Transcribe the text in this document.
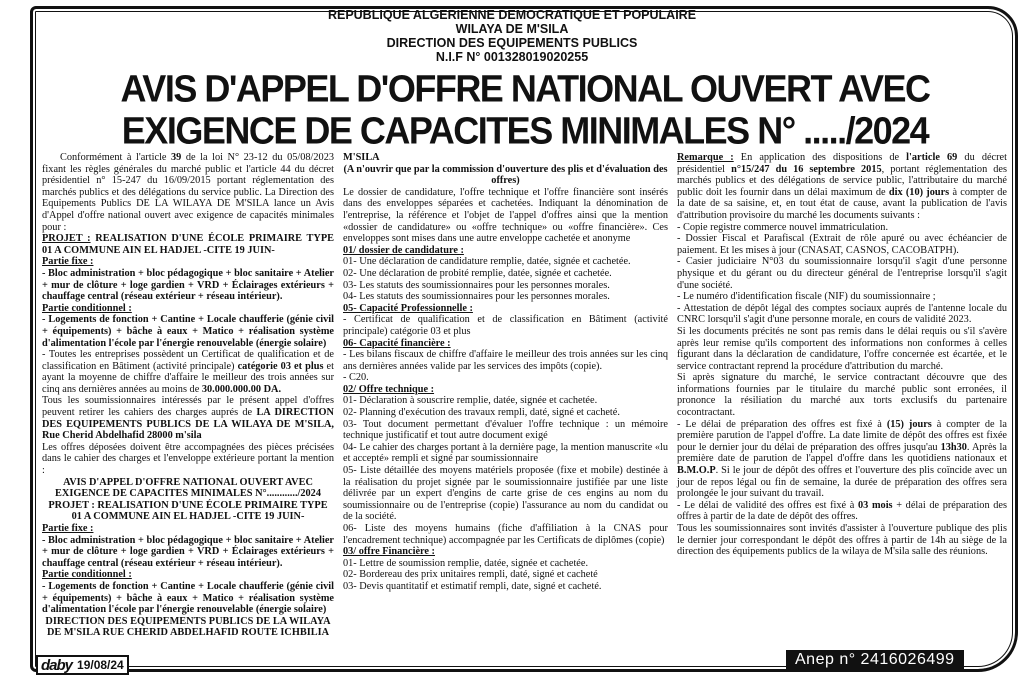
REPUBLIQUE ALGERIENNE DEMOCRATIQUE ET POPULAIRE
WILAYA DE M'SILA
DIRECTION DES EQUIPEMENTS PUBLICS
N.I.F N° 001328019020255
AVIS D'APPEL D'OFFRE NATIONAL OUVERT AVEC EXIGENCE DE CAPACITES MINIMALES N° ...../2024

Conformément à l'article 39 de la loi N° 23-12 du 05/08/2023 fixant les règles générales du marché public et l'article 44 du décret présidentiel n° 15-247 du 16/09/2015 portant réglementation des marchés publics et des délégations du service public. La Direction des Equipements Publics DE LA WILAYA DE M'SILA lance un Avis d'Appel d'offre national ouvert avec exigence de capacités minimales pour :

PROJET : REALISATION D'UNE ÉCOLE PRIMAIRE TYPE 01 A COMMUNE AIN EL HADJEL -CITE 19 JUIN-

Partie fixe :

- Bloc administration + bloc pédagogique + bloc sanitaire + Atelier + mur de clôture + loge gardien + VRD + Éclairages extérieurs + chauffage central (réseau extérieur + réseau intérieur).

Partie conditionnel :

- Logements de fonction + Cantine + Locale chaufferie (génie civil + équipements) + bâche à eaux + Matico + réalisation système d'alimentation l'école par l'énergie renouvelable (énergie solaire)

- Toutes les entreprises possèdent un Certificat de qualification et de classification en Bâtiment (activité principale) catégorie 03 et plus et ayant la moyenne de chiffre d'affaire le meilleur des trois années sur cinq ans dernières années au moins de 30.000.000.00 DA.

Tous les soumissionnaires intéressés par le présent appel d'offres peuvent retirer les cahiers des charges auprés de LA DIRECTION DES EQUIPEMENTS PUBLICS DE LA WILAYA DE M'SILA, Rue Cherid Abdelhafid 28000 m'sila

Les offres déposées doivent être accompagnées des pièces précisées dans le cahier des charges et l'enveloppe extérieure portant la mention :

AVIS D'APPEL D'OFFRE NATIONAL OUVERT AVEC EXIGENCE DE CAPACITES MINIMALES N°............/2024

PROJET : REALISATION D'UNE ÉCOLE PRIMAIRE TYPE 01 A COMMUNE AIN EL HADJEL -CITE 19 JUIN-

Partie fixe :

- Bloc administration + bloc pédagogique + bloc sanitaire + Atelier + mur de clôture + loge gardien + VRD + Éclairages extérieurs + chauffage central (réseau extérieur + réseau intérieur).

Partie conditionnel :

- Logements de fonction + Cantine + Locale chaufferie (génie civil + équipements) + bâche à eaux + Matico + réalisation système d'alimentation l'école par l'énergie renouvelable (énergie solaire)

DIRECTION DES EQUIPEMENTS PUBLICS DE LA WILAYA DE M'SILA RUE CHERID ABDELHAFID ROUTE ICHBILIA

M'SILA

(A n'ouvrir que par la commission d'ouverture des plis et d'évaluation des offres)

Le dossier de candidature, l'offre technique et l'offre financière sont insérés dans des enveloppes séparées et cachetées. Indiquant la dénomination de l'entreprise, la référence et l'objet de l'appel d'offres ainsi que la mention «dossier de candidature» ou «offre technique» ou «offre financière». Ces enveloppes sont mises dans une autre enveloppe cachetée et anonyme

01/ dossier de candidature :

01- Une déclaration de candidature remplie, datée, signée et cachetée.

02- Une déclaration de probité remplie, datée, signée et cachetée.

03- Les statuts des soumissionnaires pour les personnes morales.

04- Les statuts des soumissionnaires pour les personnes morales.

05- Capacité Professionnelle :

- Certificat de qualification et de classification en Bâtiment (activité principale) catégorie 03 et plus

06- Capacité financière :

- Les bilans fiscaux de chiffre d'affaire le meilleur des trois années sur les cinq ans dernières années valide par les services des impôts (copie).

- C20.

02/ Offre technique :

01- Déclaration à souscrire remplie, datée, signée et cachetée.

02- Planning d'exécution des travaux rempli, daté, signé et cacheté.

03- Tout document permettant d'évaluer l'offre technique : un mémoire technique justificatif et tout autre document exigé

04- Le cahier des charges portant à la dernière page, la mention manuscrite «lu et accepté» rempli et signé par soumissionnaire

05- Liste détaillée des moyens matériels proposée (fixe et mobile) destinée à la réalisation du projet signée par le soumissionnaire justifiée par une liste délivrée par un expert d'engins de carte grise de ces engins au nom du soumissionnaire ou de l'entreprise (copie) l'assurance au nom du candidat ou de la société.

06- Liste des moyens humains (fiche d'affiliation à la CNAS pour l'encadrement technique) accompagnée par les Certificats de diplômes (copie)

03/ offre Financière :

01- Lettre de soumission remplie, datée, signée et cachetée.

02- Bordereau des prix unitaires rempli, daté, signé et cacheté

03- Devis quantitatif et estimatif rempli, date, signé et cacheté.

Remarque : En application des dispositions de l'article 69 du décret présidentiel n°15/247 du 16 septembre 2015, portant réglementation des marchés publics et des délégations de service public, l'attributaire du marché public doit les fournir dans un délai maximum de dix (10) jours à compter de la date de sa saisine, et, en tout état de cause, avant la publication de l'avis d'attribution provisoire du marché les documents suivants :

- Copie registre commerce nouvel immatriculation.

- Dossier Fiscal et Parafiscal (Extrait de rôle apuré ou avec échéancier de paiement. Et les mises à jour (CNASAT, CASNOS, CACOBATPH).

- Casier judiciaire N°03 du soumissionnaire lorsqu'il s'agit d'une personne physique et du gérant ou du directeur général de l'entreprise lorsqu'il s'agit d'une société.

- Le numéro d'identification fiscale (NIF) du soumissionnaire ;

- Attestation de dépôt légal des comptes sociaux auprés de l'antenne locale du CNRC lorsqu'il s'agit d'une personne morale, en cours de validité 2023.

Si les documents précités ne sont pas remis dans le délai requis ou s'il s'avère après leur remise qu'ils comportent des informations non conformes à celles figurant dans la déclaration de candidature, l'offre concernée est écartée, et le service contractant reprend la procédure d'attribution du marché.

Si après signature du marché, le service contractant découvre que des informations fournies par le titulaire du marché public sont erronées, il prononce la résiliation du marché aux torts exclusifs du partenaire cocontractant.

- Le délai de préparation des offres est fixé à (15) jours à compter de la première parution de l'appel d'offre. La date limite de dépôt des offres est fixée pour le dernier jour du délai de préparation des offres jusqu'au 13h30. Après la première date de parution de l'appel d'offre dans les quotidiens nationaux et B.M.O.P. Si le jour de dépôt des offres et l'ouverture des plis coïncide avec un jour de repos légal ou fin de semaine, la durée de préparation des offres sera prolongée le jour suivant du travail.

- Le délai de validité des offres est fixé à 03 mois + délai de préparation des offres à partir de la date de dépôt des offres.

Tous les soumissionnaires sont invités d'assister à l'ouverture publique des plis le dernier jour correspondant le dépôt des offres à partir de 14h au siège de la direction des équipements publics de la wilaya de M'sila salle des réunions.

daby 19/08/24	Anep n° 2416026499
